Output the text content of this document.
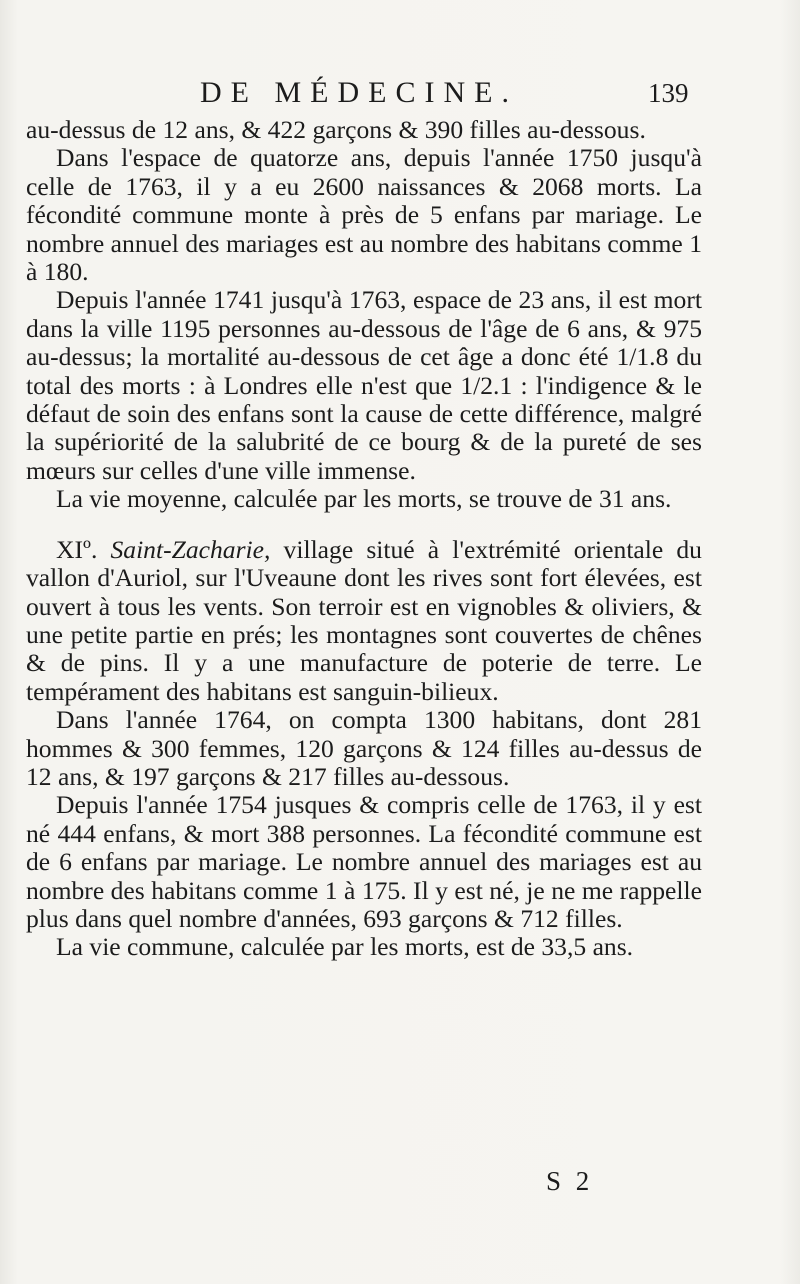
DE MÉDECINE.	139

au-dessus de 12 ans, & 422 garçons & 390 filles au-dessous.

Dans l'espace de quatorze ans, depuis l'année 1750 jusqu'à celle de 1763, il y a eu 2600 naissances & 2068 morts. La fécondité commune monte à près de 5 enfans par mariage. Le nombre annuel des mariages est au nombre des habitans comme 1 à 180.

Depuis l'année 1741 jusqu'à 1763, espace de 23 ans, il est mort dans la ville 1195 personnes au-dessous de l'âge de 6 ans, & 975 au-dessus; la mortalité au-dessous de cet âge a donc été 1/1.8 du total des morts : à Londres elle n'est que 1/2.1 : l'indigence & le défaut de soin des enfans sont la cause de cette différence, malgré la supériorité de la salubrité de ce bourg & de la pureté de ses mœurs sur celles d'une ville immense.

La vie moyenne, calculée par les morts, se trouve de 31 ans.

XIº. Saint-Zacharie, village situé à l'extrémité orientale du vallon d'Auriol, sur l'Uveaune dont les rives sont fort élevées, est ouvert à tous les vents. Son terroir est en vignobles & oliviers, & une petite partie en prés; les montagnes sont couvertes de chênes & de pins. Il y a une manufacture de poterie de terre. Le tempérament des habitans est sanguin-bilieux.

Dans l'année 1764, on compta 1300 habitans, dont 281 hommes & 300 femmes, 120 garçons & 124 filles au-dessus de 12 ans, & 197 garçons & 217 filles au-dessous.

Depuis l'année 1754 jusques & compris celle de 1763, il y est né 444 enfans, & mort 388 personnes. La fécondité commune est de 6 enfans par mariage. Le nombre annuel des mariages est au nombre des habitans comme 1 à 175. Il y est né, je ne me rappelle plus dans quel nombre d'années, 693 garçons & 712 filles.

La vie commune, calculée par les morts, est de 33,5 ans.

S 2
